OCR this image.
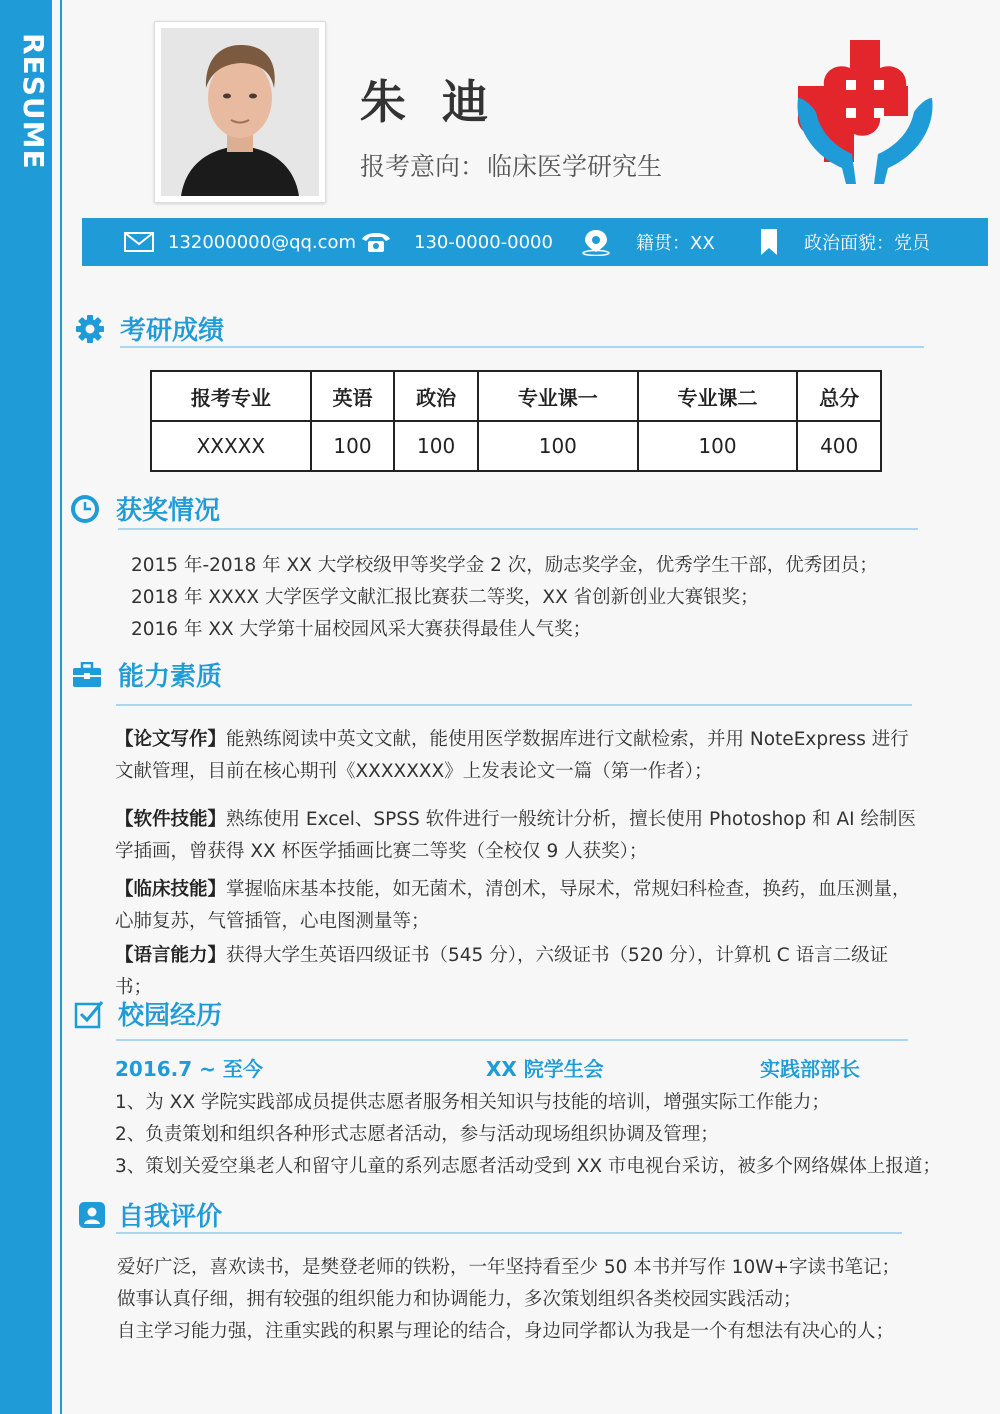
RESUME	朱迪
报考意向：临床医学研究生
132000000@qq.com	130-0000-0000	籍贯：XX	政治面貌：党员
考研成绩
报考专业	英语	政治	专业课一	专业课二	总分
XXXXX	100	100	100	100	400
获奖情况
2015 年-2018 年 XX 大学校级甲等奖学金 2 次，励志奖学金，优秀学生干部，优秀团员；
2018 年 XXXX 大学医学文献汇报比赛获二等奖，XX 省创新创业大赛银奖；
2016 年 XX 大学第十届校园风采大赛获得最佳人气奖；
能力素质
【论文写作】能熟练阅读中英文文献，能使用医学数据库进行文献检索，并用 NoteExpress 进行文献管理，目前在核心期刊《XXXXXXX》上发表论文一篇（第一作者）；
【软件技能】熟练使用 Excel、SPSS 软件进行一般统计分析，擅长使用 Photoshop 和 AI 绘制医学插画，曾获得 XX 杯医学插画比赛二等奖（全校仅 9 人获奖）；
【临床技能】掌握临床基本技能，如无菌术，清创术，导尿术，常规妇科检查，换药，血压测量，心肺复苏，气管插管，心电图测量等；
【语言能力】获得大学生英语四级证书（545 分），六级证书（520 分），计算机 C 语言二级证书；
校园经历
2016.7 ~ 至今	XX 院学生会	实践部部长
1、为 XX 学院实践部成员提供志愿者服务相关知识与技能的培训，增强实际工作能力；
2、负责策划和组织各种形式志愿者活动，参与活动现场组织协调及管理；
3、策划关爱空巢老人和留守儿童的系列志愿者活动受到 XX 市电视台采访，被多个网络媒体上报道；
自我评价
爱好广泛，喜欢读书，是樊登老师的铁粉，一年坚持看至少 50 本书并写作 10W+字读书笔记；
做事认真仔细，拥有较强的组织能力和协调能力，多次策划组织各类校园实践活动；
自主学习能力强，注重实践的积累与理论的结合，身边同学都认为我是一个有想法有决心的人；
